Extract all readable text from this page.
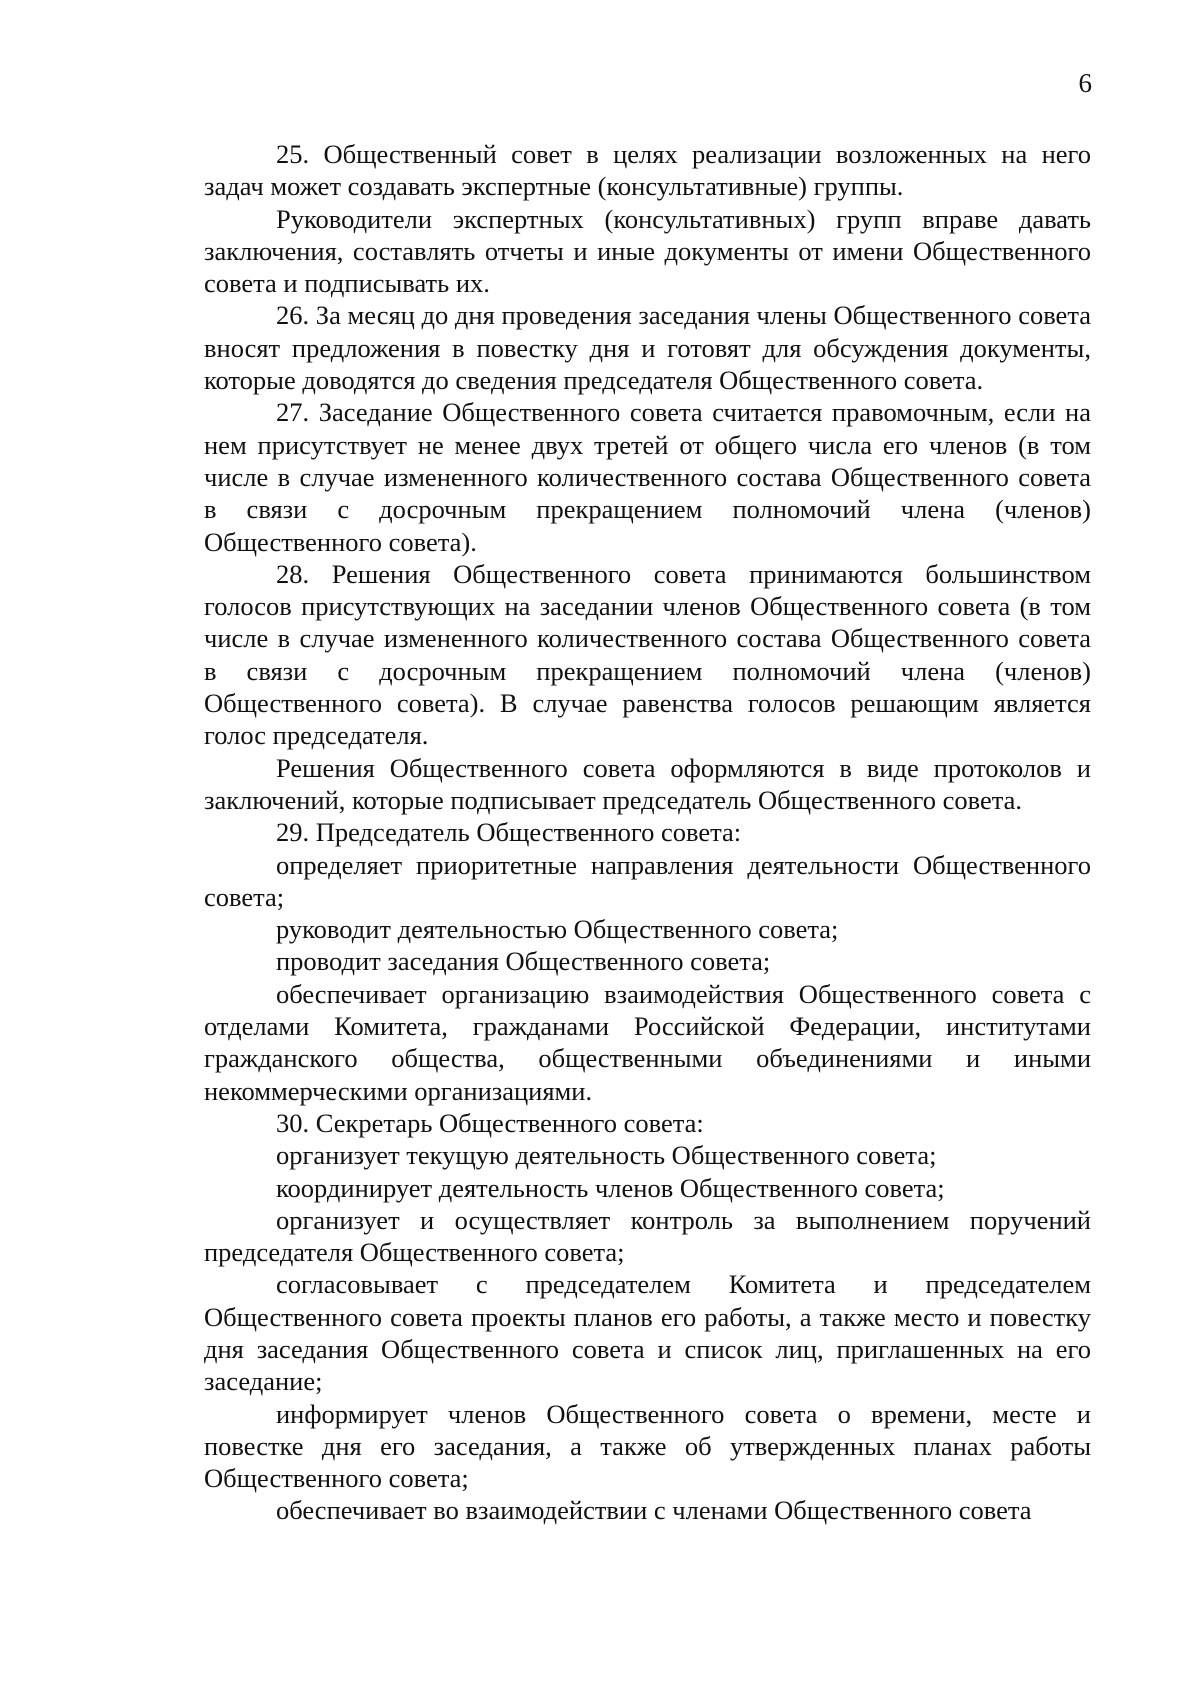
6

25. Общественный совет в целях реализации возложенных на него задач может создавать экспертные (консультативные) группы.

Руководители экспертных (консультативных) групп вправе давать заключения, составлять отчеты и иные документы от имени Общественного совета и подписывать их.

26. За месяц до дня проведения заседания члены Общественного совета вносят предложения в повестку дня и готовят для обсуждения документы, которые доводятся до сведения председателя Общественного совета.

27. Заседание Общественного совета считается правомочным, если на нем присутствует не менее двух третей от общего числа его членов (в том числе в случае измененного количественного состава Общественного совета в связи с досрочным прекращением полномочий члена (членов) Общественного совета).

28. Решения Общественного совета принимаются большинством голосов присутствующих на заседании членов Общественного совета (в том числе в случае измененного количественного состава Общественного совета в связи с досрочным прекращением полномочий члена (членов) Общественного совета). В случае равенства голосов решающим является голос председателя.

Решения Общественного совета оформляются в виде протоколов и заключений, которые подписывает председатель Общественного совета.

29. Председатель Общественного совета:

определяет приоритетные направления деятельности Общественного совета;

руководит деятельностью Общественного совета;

проводит заседания Общественного совета;

обеспечивает организацию взаимодействия Общественного совета с отделами Комитета, гражданами Российской Федерации, институтами гражданского общества, общественными объединениями и иными некоммерческими организациями.

30. Секретарь Общественного совета:

организует текущую деятельность Общественного совета;

координирует деятельность членов Общественного совета;

организует и осуществляет контроль за выполнением поручений председателя Общественного совета;

согласовывает с председателем Комитета и председателем Общественного совета проекты планов его работы, а также место и повестку дня заседания Общественного совета и список лиц, приглашенных на его заседание;

информирует членов Общественного совета о времени, месте и повестке дня его заседания, а также об утвержденных планах работы Общественного совета;

обеспечивает во взаимодействии с членами Общественного совета
